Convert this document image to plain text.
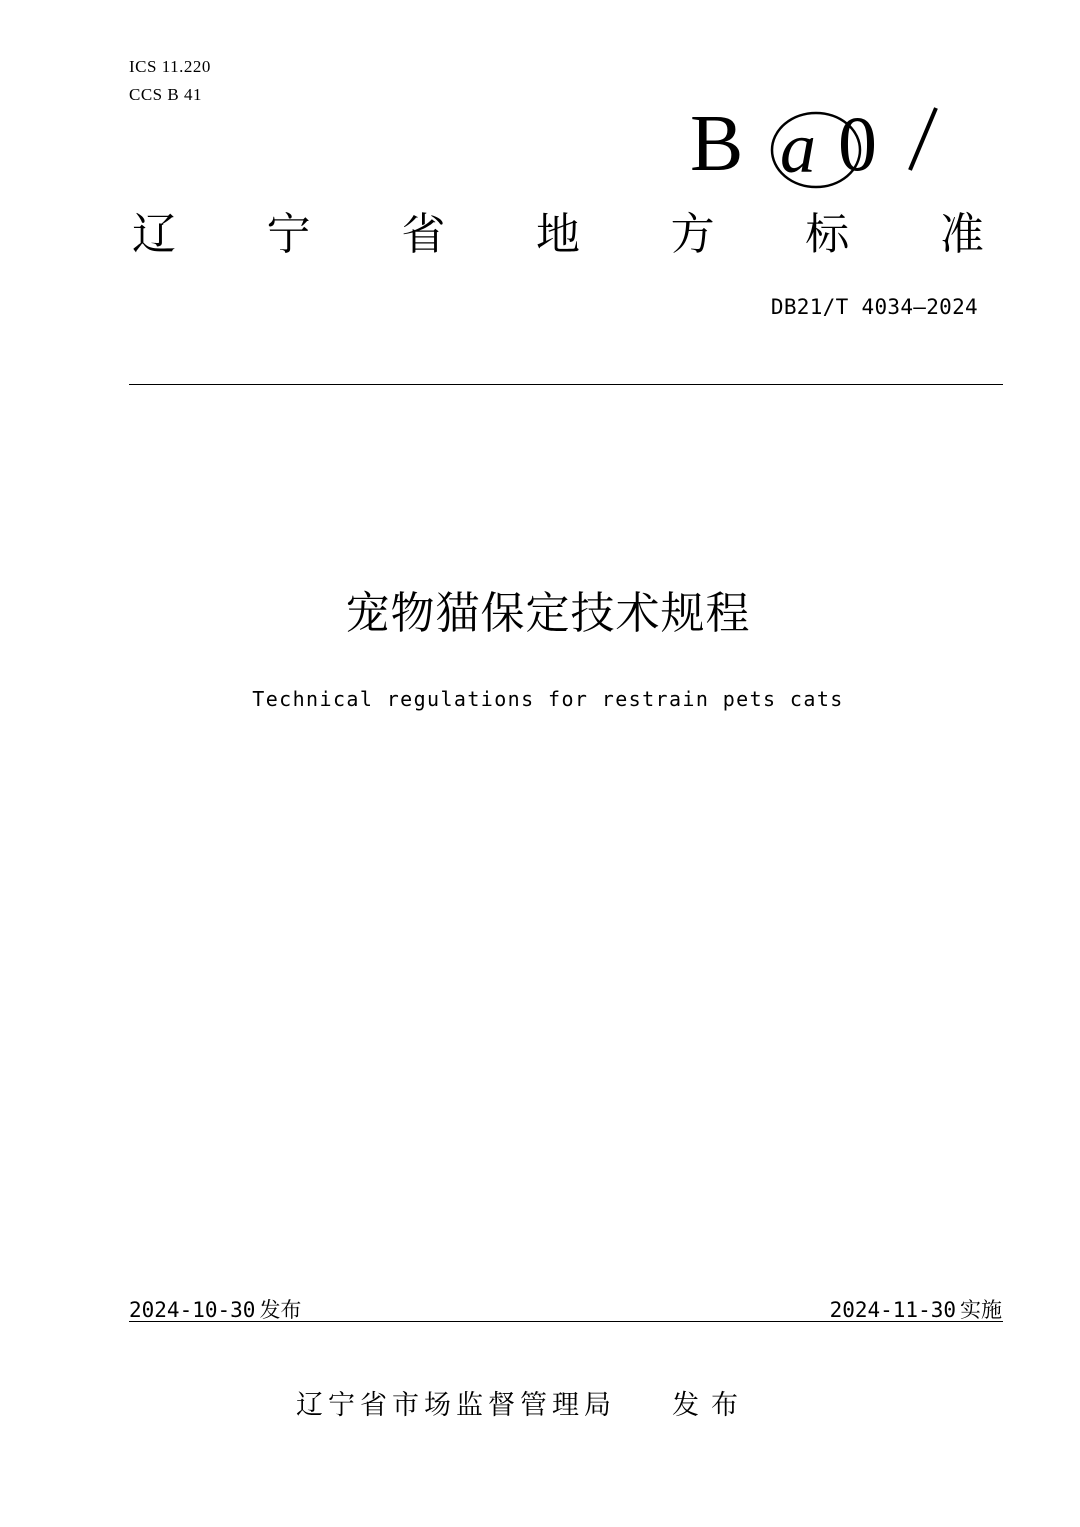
ICS 11.220
CCS B 41
B a 0
辽 宁 省 地 方 标 准
DB21/T 4034—2024
宠物猫保定技术规程
Technical regulations for restrain pets cats
2024-10-30 发布	2024-11-30 实施
辽宁省市场监督管理局 发布
